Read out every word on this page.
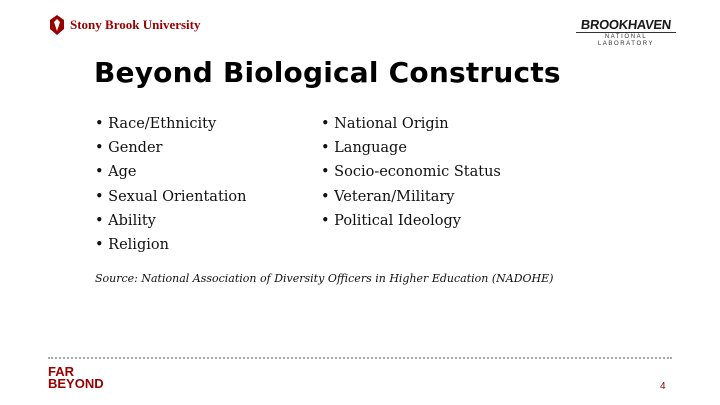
Stony Brook University	BROOKHAVEN
NATIONAL LABORATORY
Beyond Biological Constructs
• Race/Ethnicity
• Gender
• Age
• Sexual Orientation
• Ability
• Religion
• National Origin
• Language
• Socio-economic Status
• Veteran/Military
• Political Ideology
Source: National Association of Diversity Officers in Higher Education (NADOHE)
FAR
BEYOND	4
